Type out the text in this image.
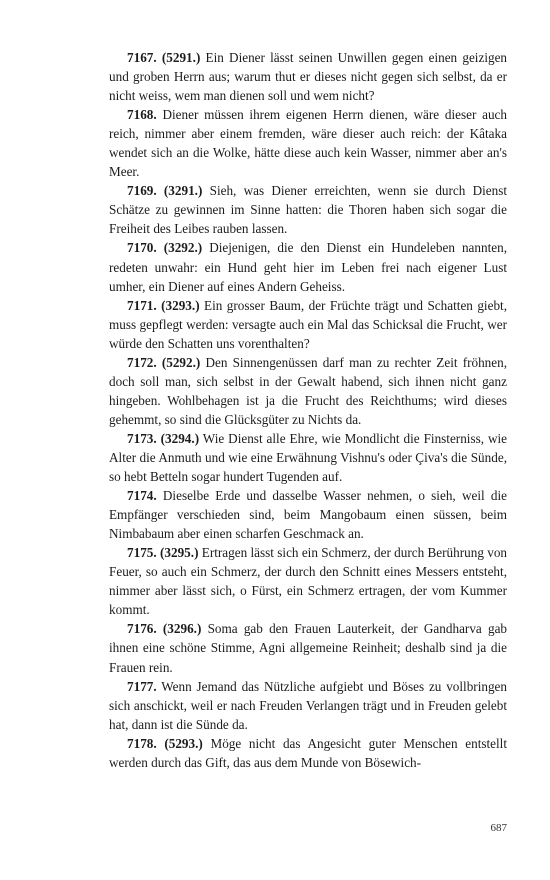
7167. (5291.) Ein Diener lässt seinen Unwillen gegen einen geizigen und groben Herrn aus; warum thut er dieses nicht gegen sich selbst, da er nicht weiss, wem man dienen soll und wem nicht?

7168. Diener müssen ihrem eigenen Herrn dienen, wäre dieser auch reich, nimmer aber einem fremden, wäre dieser auch reich: der Kâtaka wendet sich an die Wolke, hätte diese auch kein Wasser, nimmer aber an's Meer.

7169. (3291.) Sieh, was Diener erreichten, wenn sie durch Dienst Schätze zu gewinnen im Sinne hatten: die Thoren haben sich sogar die Freiheit des Leibes rauben lassen.

7170. (3292.) Diejenigen, die den Dienst ein Hundeleben nannten, redeten unwahr: ein Hund geht hier im Leben frei nach eigener Lust umher, ein Diener auf eines Andern Geheiss.

7171. (3293.) Ein grosser Baum, der Früchte trägt und Schatten giebt, muss gepflegt werden: versagte auch ein Mal das Schicksal die Frucht, wer würde den Schatten uns vorenthalten?

7172. (5292.) Den Sinnengenüssen darf man zu rechter Zeit fröhnen, doch soll man, sich selbst in der Gewalt habend, sich ihnen nicht ganz hingeben. Wohlbehagen ist ja die Frucht des Reichthums; wird dieses gehemmt, so sind die Glücksgüter zu Nichts da.

7173. (3294.) Wie Dienst alle Ehre, wie Mondlicht die Finsterniss, wie Alter die Anmuth und wie eine Erwähnung Vishnu's oder Çiva's die Sünde, so hebt Betteln sogar hundert Tugenden auf.

7174. Dieselbe Erde und dasselbe Wasser nehmen, o sieh, weil die Empfänger verschieden sind, beim Mangobaum einen süssen, beim Nimbabaum aber einen scharfen Geschmack an.

7175. (3295.) Ertragen lässt sich ein Schmerz, der durch Berührung von Feuer, so auch ein Schmerz, der durch den Schnitt eines Messers entsteht, nimmer aber lässt sich, o Fürst, ein Schmerz ertragen, der vom Kummer kommt.

7176. (3296.) Soma gab den Frauen Lauterkeit, der Gandharva gab ihnen eine schöne Stimme, Agni allgemeine Reinheit; deshalb sind ja die Frauen rein.

7177. Wenn Jemand das Nützliche aufgiebt und Böses zu vollbringen sich anschickt, weil er nach Freuden Verlangen trägt und in Freuden gelebt hat, dann ist die Sünde da.

7178. (5293.) Möge nicht das Angesicht guter Menschen entstellt werden durch das Gift, das aus dem Munde von Bösewich-

687
